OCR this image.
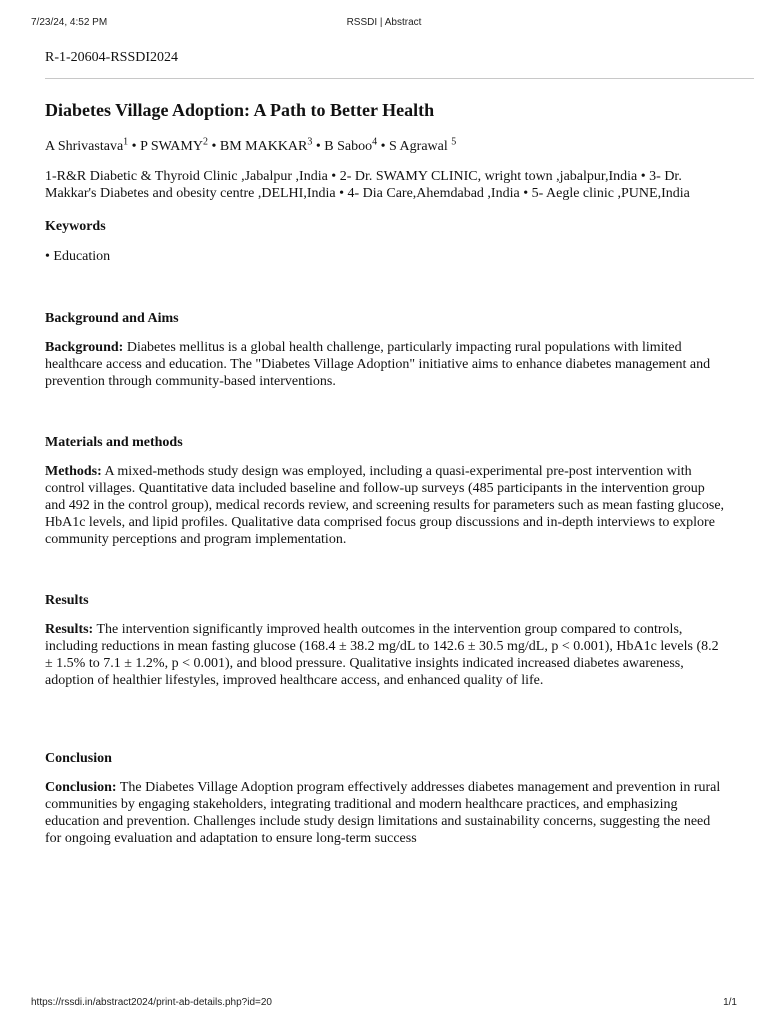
7/23/24, 4:52 PM	RSSDI | Abstract
R-1-20604-RSSDI2024
Diabetes Village Adoption: A Path to Better Health
A Shrivastava$^1$ • P SWAMY$^2$ • BM MAKKAR$^3$ • B Saboo$^4$ • S Agrawal $^5$
1-R&R Diabetic & Thyroid Clinic ,Jabalpur ,India • 2- Dr. SWAMY CLINIC, wright town ,jabalpur,India • 3- Dr. Makkar's Diabetes and obesity centre ,DELHI,India • 4- Dia Care,Ahemdabad ,India • 5- Aegle clinic ,PUNE,India
Keywords
• Education
Background and Aims
Background: Diabetes mellitus is a global health challenge, particularly impacting rural populations with limited healthcare access and education. The "Diabetes Village Adoption" initiative aims to enhance diabetes management and prevention through community-based interventions.
Materials and methods
Methods: A mixed-methods study design was employed, including a quasi-experimental pre-post intervention with control villages. Quantitative data included baseline and follow-up surveys (485 participants in the intervention group and 492 in the control group), medical records review, and screening results for parameters such as mean fasting glucose, HbA1c levels, and lipid profiles. Qualitative data comprised focus group discussions and in-depth interviews to explore community perceptions and program implementation.
Results
Results: The intervention significantly improved health outcomes in the intervention group compared to controls, including reductions in mean fasting glucose (168.4 ± 38.2 mg/dL to 142.6 ± 30.5 mg/dL, p < 0.001), HbA1c levels (8.2 ± 1.5% to 7.1 ± 1.2%, p < 0.001), and blood pressure. Qualitative insights indicated increased diabetes awareness, adoption of healthier lifestyles, improved healthcare access, and enhanced quality of life.
Conclusion
Conclusion: The Diabetes Village Adoption program effectively addresses diabetes management and prevention in rural communities by engaging stakeholders, integrating traditional and modern healthcare practices, and emphasizing education and prevention. Challenges include study design limitations and sustainability concerns, suggesting the need for ongoing evaluation and adaptation to ensure long-term success
https://rssdi.in/abstract2024/print-ab-details.php?id=20	1/1
